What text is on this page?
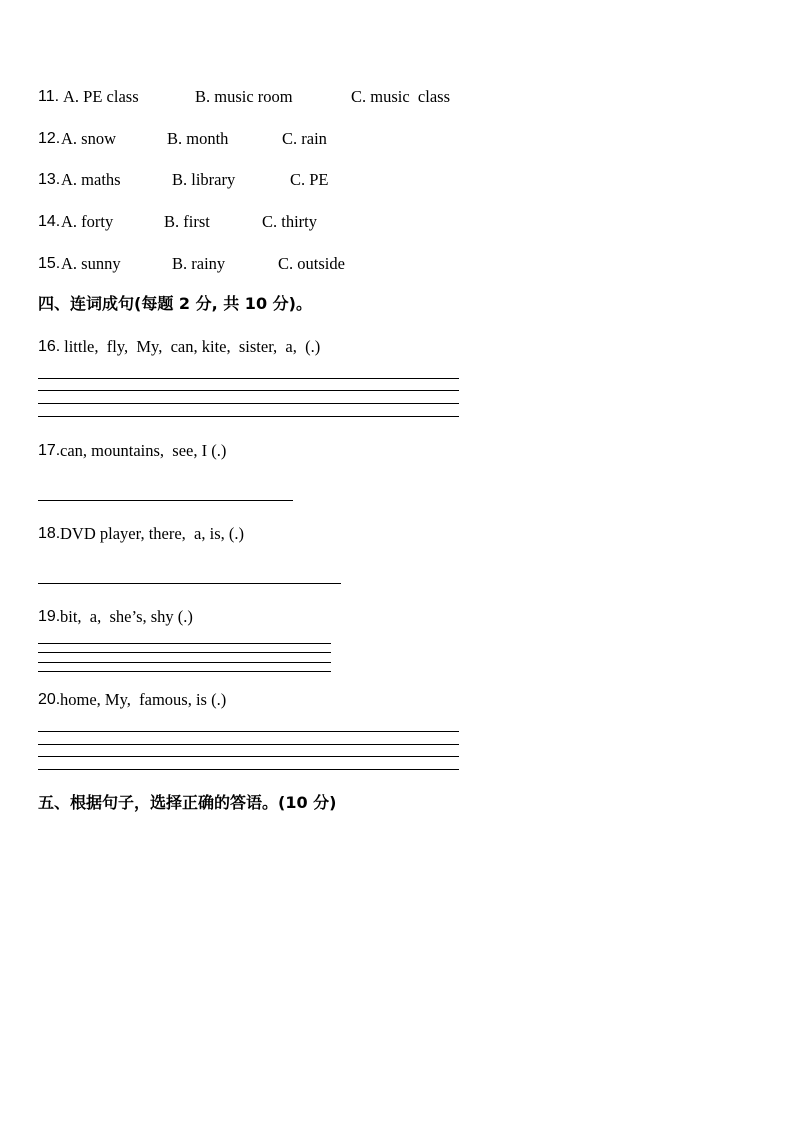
11. A. PE class	B. music room	C. music  class
12. A. snow	B. month	C. rain
13. A. maths	B. library	C. PE
14. A. forty	B. first	C. thirty
15. A. sunny	B. rainy	C. outside
四、连词成句(每题 2 分, 共 10 分)。
16. little,  fly,  My,  can, kite,  sister,  a,  (.)
17. can, mountains,  see, I (.)
18. DVD player, there,  a, is, (.)
19. bit,  a,  she’s, shy (.)
20. home, My,  famous, is (.)
五、根据句子，选择正确的答语。(10 分)
